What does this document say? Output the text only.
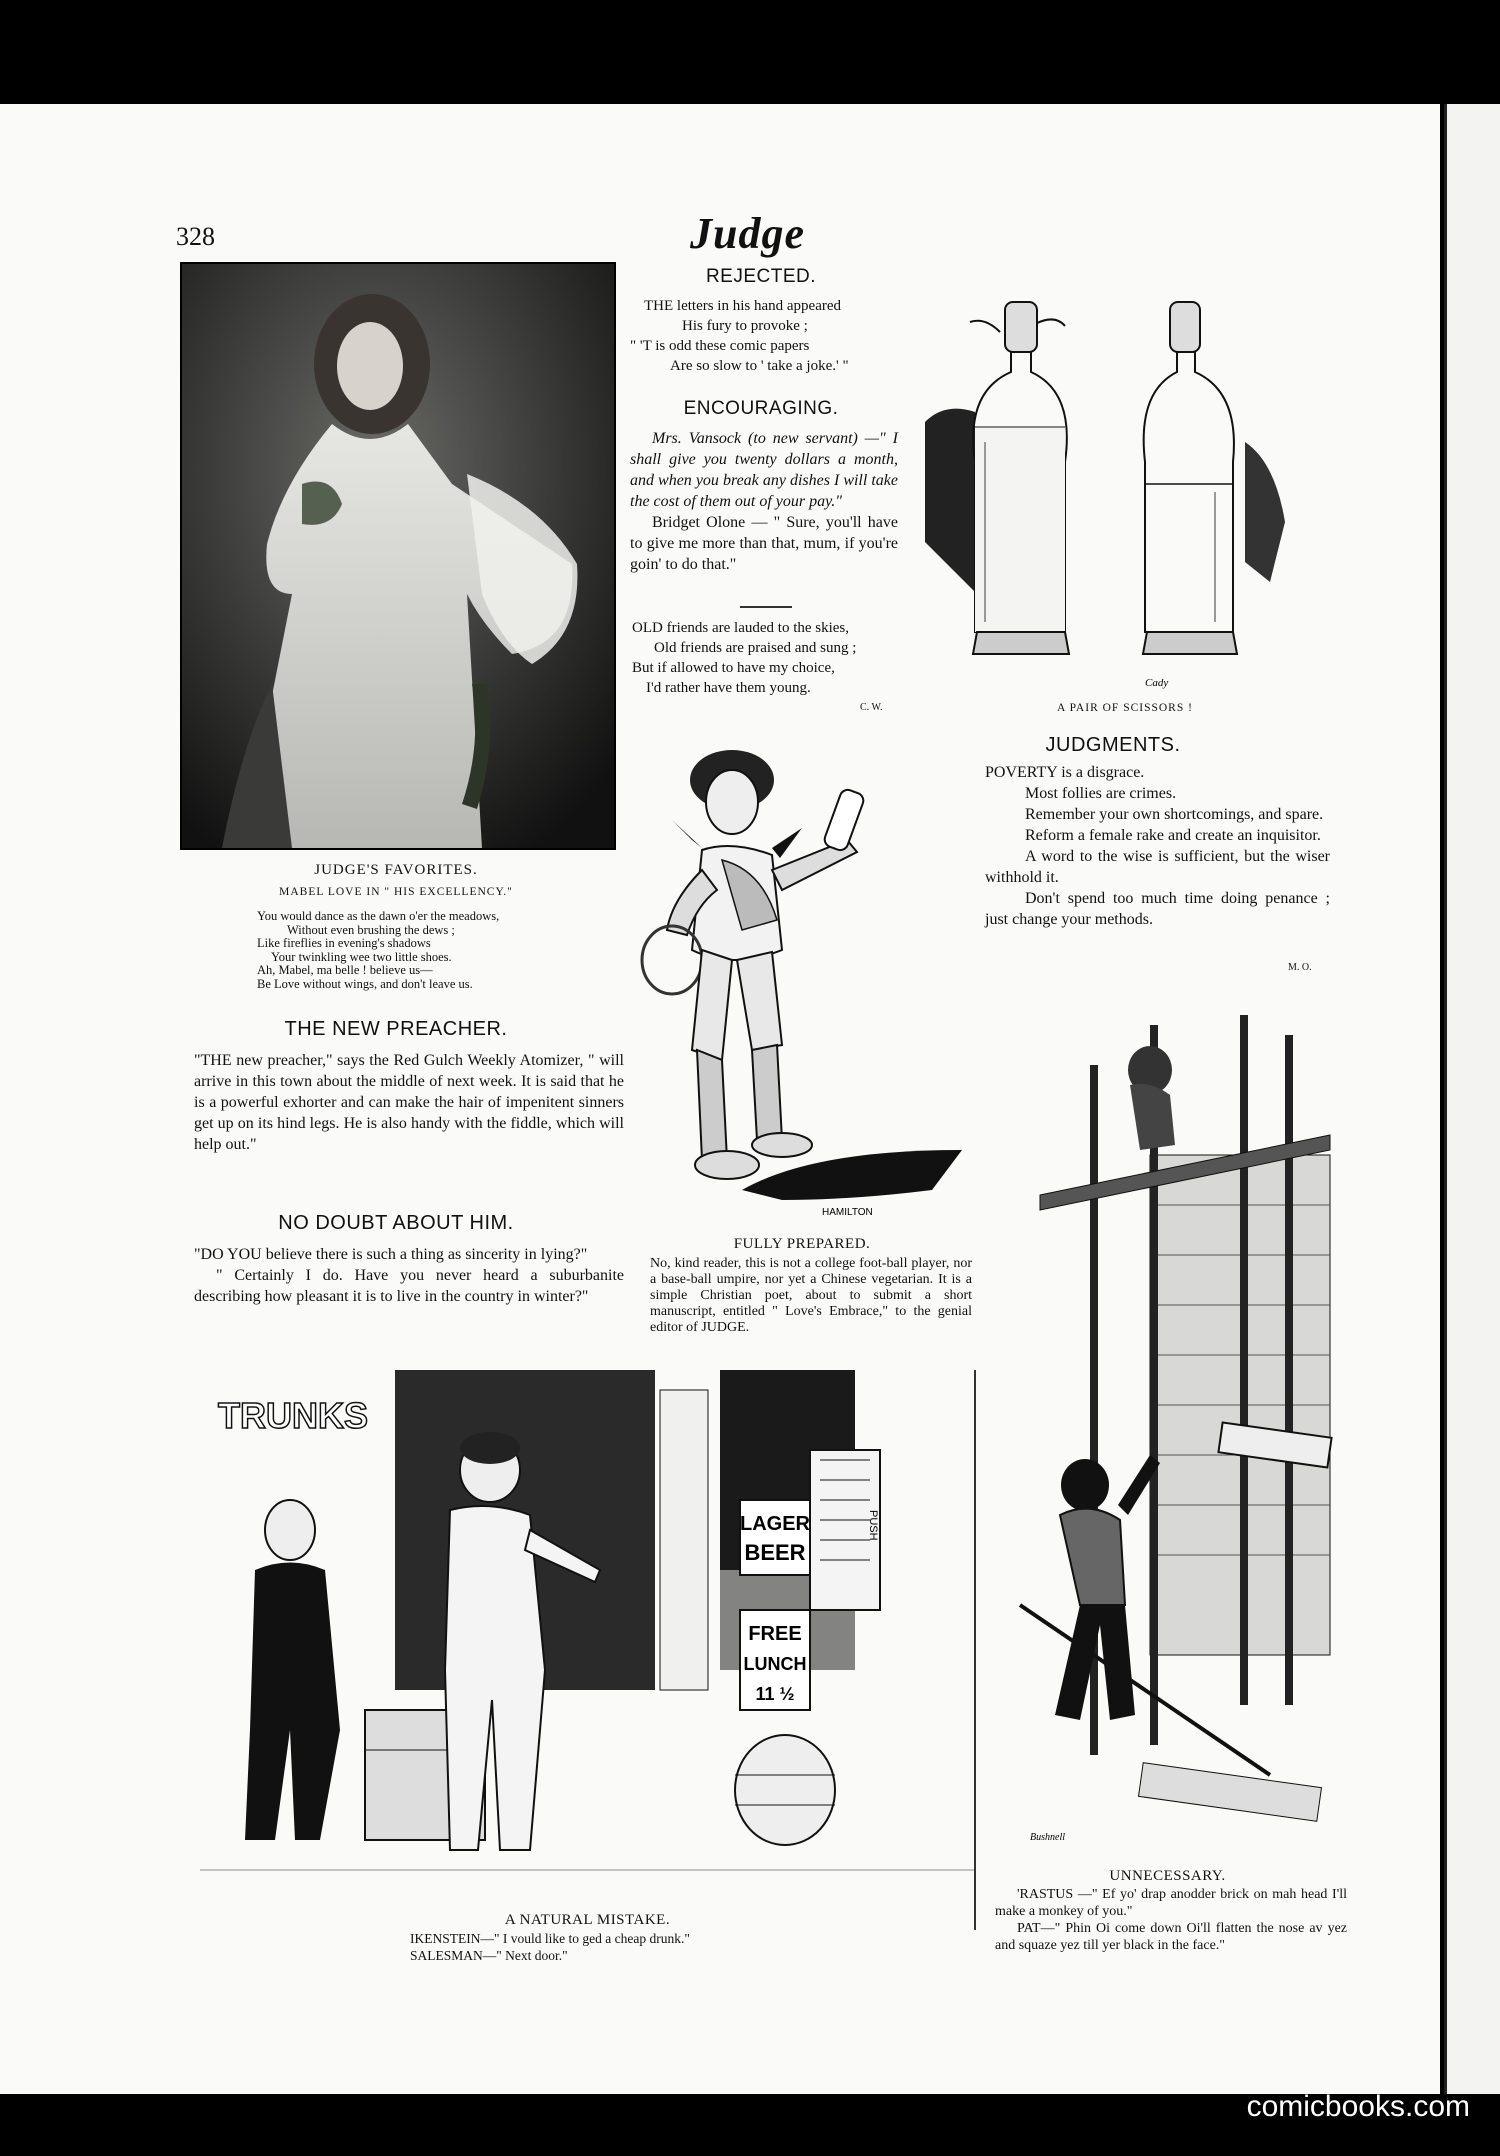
328	Judge
JUDGE'S FAVORITES.
MABEL LOVE IN " HIS EXCELLENCY."
You would dance as the dawn o'er the meadows,
Without even brushing the dews ;
Like fireflies in evening's shadows
Your twinkling wee two little shoes.
Ah, Mabel, ma belle ! believe us—
Be Love without wings, and don't leave us.
THE NEW PREACHER.
"THE new preacher," says the Red Gulch Weekly Atomizer, " will arrive in this town about the middle of next week. It is said that he is a powerful exhorter and can make the hair of impenitent sinners get up on its hind legs. He is also handy with the fiddle, which will help out."
NO DOUBT ABOUT HIM.

"DO YOU believe there is such a thing as sincerity in lying?"

" Certainly I do. Have you never heard a suburbanite describing how pleasant it is to live in the country in winter?"

REJECTED.
THE letters in his hand appeared
His fury to provoke ;
" 'T is odd these comic papers
Are so slow to ' take a joke.' "
ENCOURAGING.

Mrs. Vansock (to new servant) —" I shall give you twenty dollars a month, and when you break any dishes I will take the cost of them out of your pay."

Bridget Olone — " Sure, you'll have to give me more than that, mum, if you're goin' to do that."

OLD friends are lauded to the skies,
Old friends are praised and sung ;
But if allowed to have my choice,
I'd rather have them young.
C. W.
Cady
A PAIR OF SCISSORS !
JUDGMENTS.

POVERTY is a disgrace.

Most follies are crimes.

Remember your own shortcomings, and spare.

Reform a female rake and create an inquisitor.

A word to the wise is sufficient, but the wiser withhold it.

Don't spend too much time doing penance ; just change your methods.

M. O.
HAMILTON
FULLY PREPARED.
No, kind reader, this is not a college foot-ball player, nor a base-ball umpire, nor yet a Chinese vegetarian. It is a simple Christian poet, about to submit a short manuscript, entitled " Love's Embrace," to the genial editor of JUDGE.
LAGER
BEER
FREE
LUNCH
11 ½
PUSH
TRUNKS
A NATURAL MISTAKE.
IKENSTEIN—" I vould like to ged a cheap drunk."
SALESMAN—" Next door."
Bushnell
UNNECESSARY.

'RASTUS —" Ef yo' drap anodder brick on mah head I'll make a monkey of you."

PAT—" Phin Oi come down Oi'll flatten the nose av yez and squaze yez till yer black in the face."

comicbooks.com
